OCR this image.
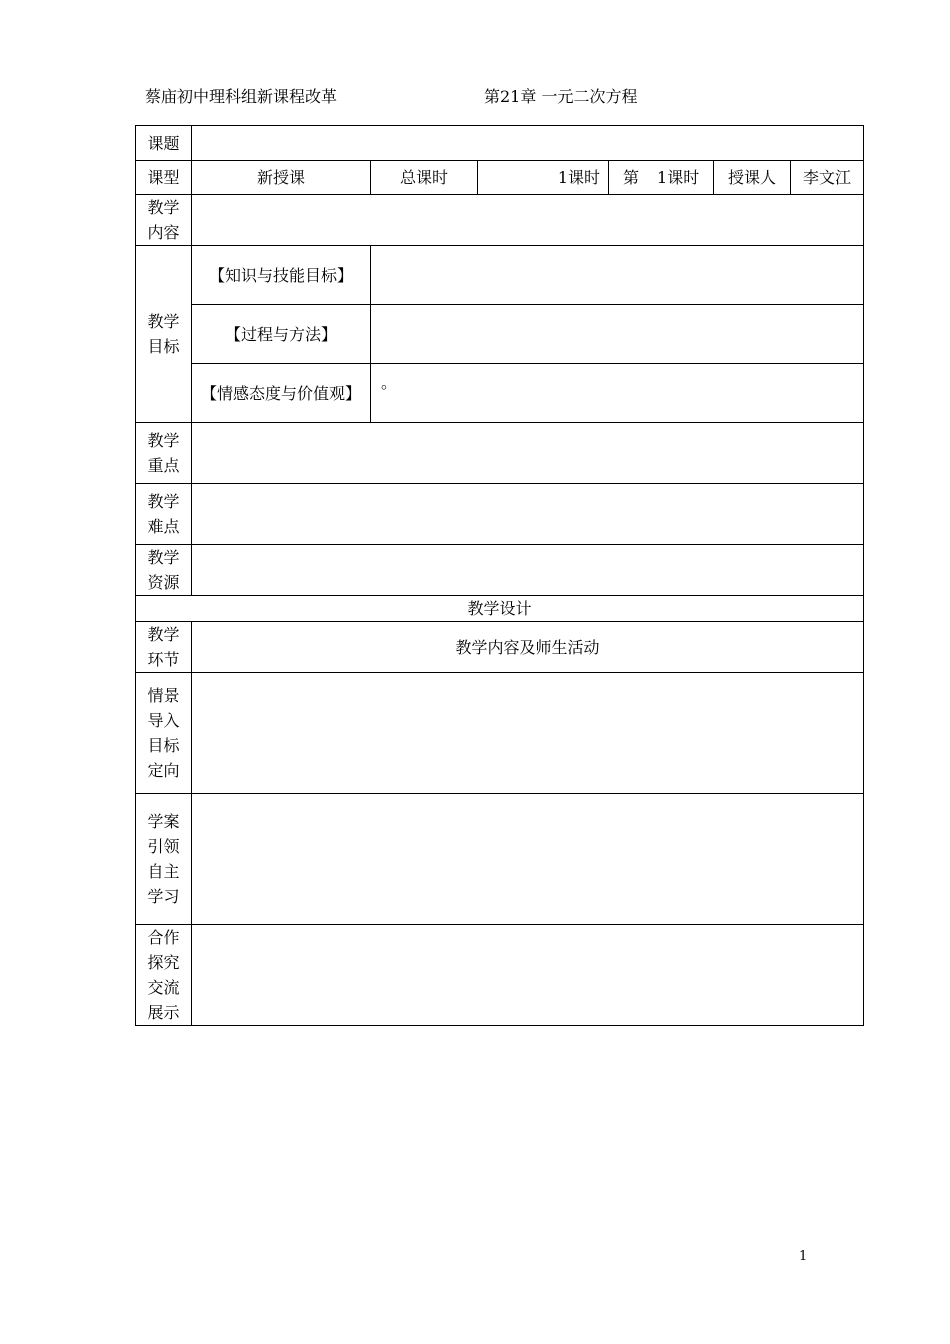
蔡庙初中理科组新课程改革	第21章 一元二次方程
课题						
课型	新授课	总课时	1课时	第 1课时	授课人	李文江
教学
内容						
教学
目标	【知识与技能目标】					
	【过程与方法】					
	【情感态度与价值观】	。				
教学
重点						
教学
难点						
教学
资源						
教学设计						
教学
环节	教学内容及师生活动					
情景
导入
目标
定向						
学案
引领
自主
学习						
合作
探究
交流
展示						
1
